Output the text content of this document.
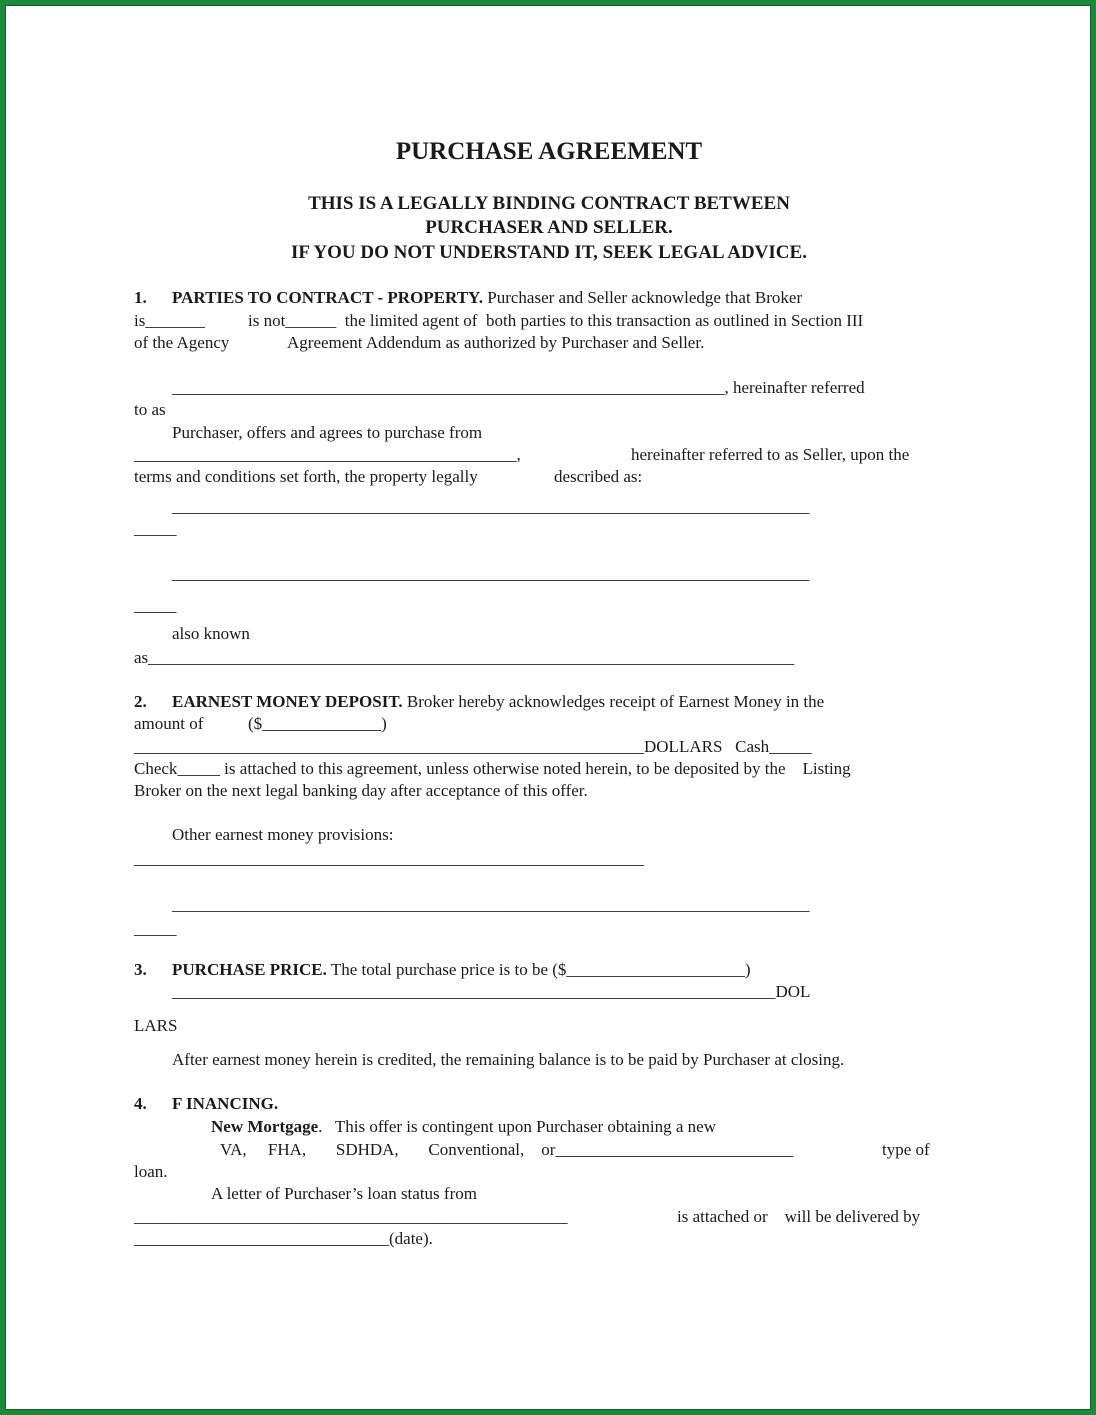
PURCHASE AGREEMENT
THIS IS A LEGALLY BINDING CONTRACT BETWEEN
PURCHASER AND SELLER.
IF YOU DO NOT UNDERSTAND IT, SEEK LEGAL ADVICE.
1. PARTIES TO CONTRACT - PROPERTY. Purchaser and Seller acknowledge that Broker
is_______	is not______  the limited agent of  both parties to this transaction as outlined in Section III
of the Agency	Agreement Addendum as authorized by Purchaser and Seller.
_________________________________________________________________, hereinafter referred
to as
Purchaser, offers and agrees to purchase from
_____________________________________________,	hereinafter referred to as Seller, upon the
terms and conditions set forth, the property legally	described as:
___________________________________________________________________________
_____
___________________________________________________________________________
_____
also known
as____________________________________________________________________________
2. EARNEST MONEY DEPOSIT. Broker hereby acknowledges receipt of Earnest Money in the
amount of	($______________)
____________________________________________________________DOLLARS   Cash_____
Check_____ is attached to this agreement, unless otherwise noted herein, to be deposited by the    Listing
Broker on the next legal banking day after acceptance of this offer.
Other earnest money provisions:
____________________________________________________________
___________________________________________________________________________
_____
3. PURCHASE PRICE. The total purchase price is to be ($_____________________)
_______________________________________________________________________DOL
LARS
After earnest money herein is credited, the remaining balance is to be paid by Purchaser at closing.
4. F INANCING.
New Mortgage.   This offer is contingent upon Purchaser obtaining a new
VA,     FHA,       SDHDA,       Conventional,    or____________________________	type of
loan.
A letter of Purchaser’s loan status from
___________________________________________________	is attached or    will be delivered by
______________________________(date).
